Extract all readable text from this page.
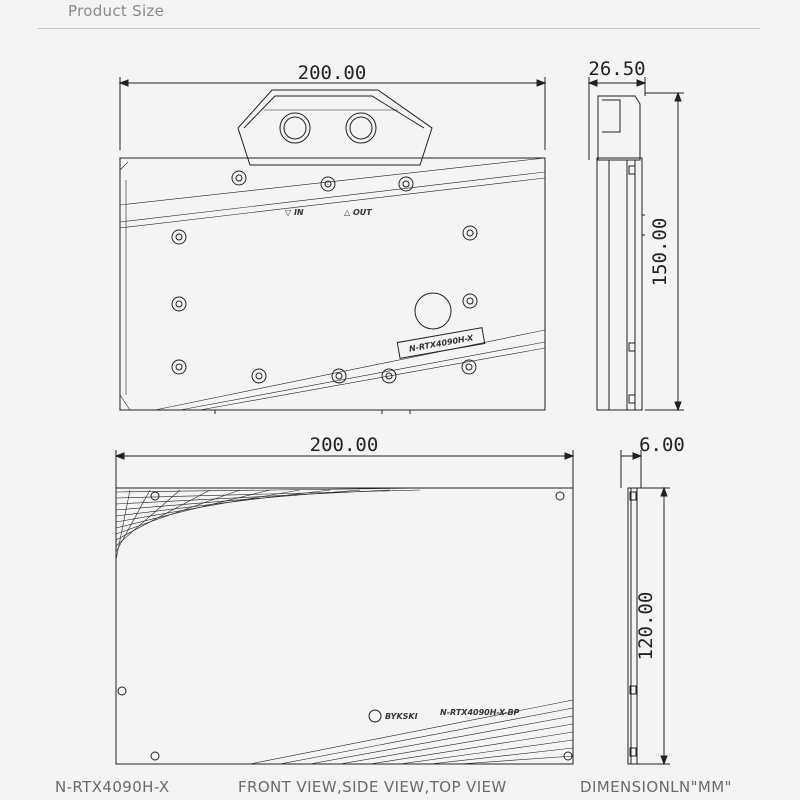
Product Size
200.00	26.50
150.00
200.00	6.00
120.00
▽ IN	△ OUT
N-RTX4090H-X
BYKSKI	N-RTX4090H-X-BP
N-RTX4090H-X	FRONT VIEW,SIDE VIEW,TOP VIEW	DIMENSIONLN"MM"
